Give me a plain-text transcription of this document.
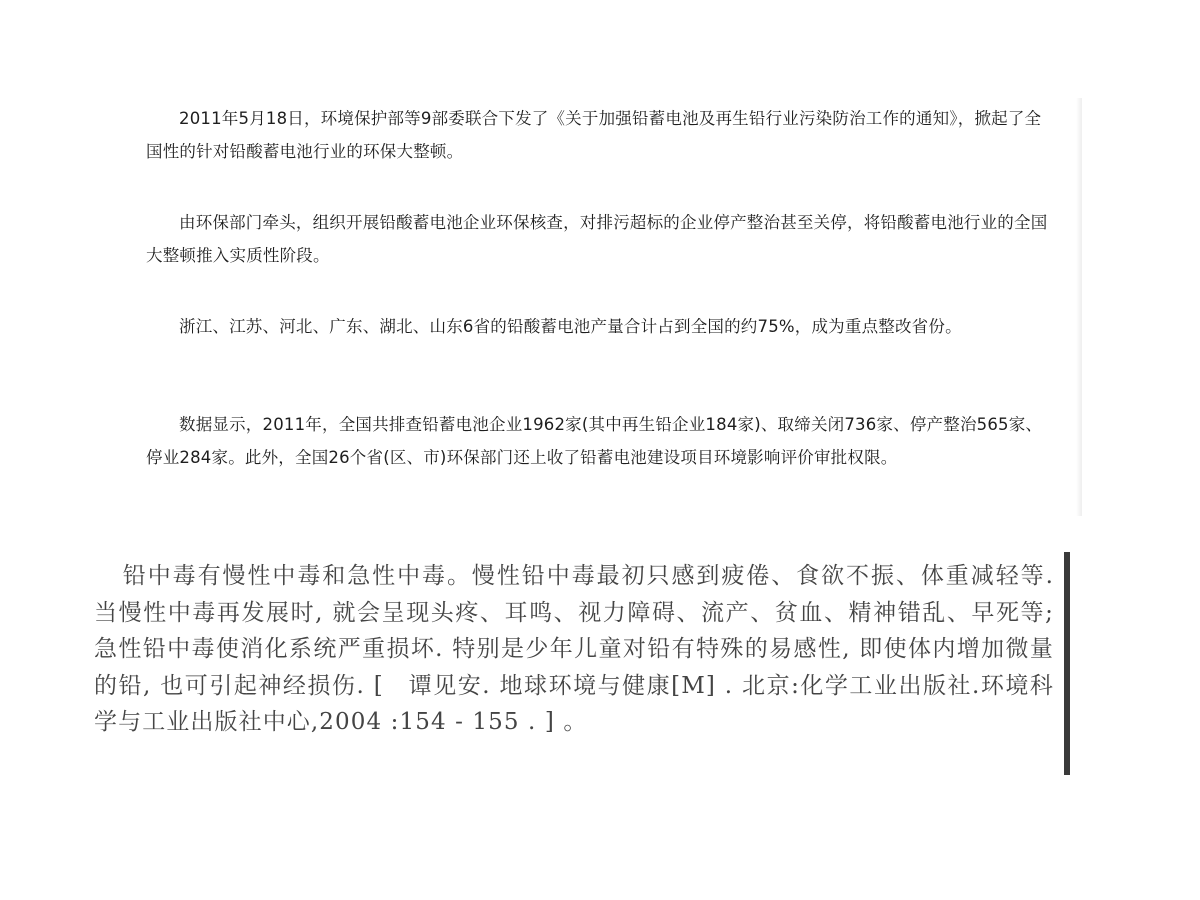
2011年5月18日，环境保护部等9部委联合下发了《关于加强铅蓄电池及再生铅行业污染防治工作的通知》，掀起了全国性的针对铅酸蓄电池行业的环保大整顿。

由环保部门牵头，组织开展铅酸蓄电池企业环保核查，对排污超标的企业停产整治甚至关停，将铅酸蓄电池行业的全国大整顿推入实质性阶段。

浙江、江苏、河北、广东、湖北、山东6省的铅酸蓄电池产量合计占到全国的约75%，成为重点整改省份。

数据显示，2011年，全国共排查铅蓄电池企业1962家(其中再生铅企业184家)、取缔关闭736家、停产整治565家、停业284家。此外，全国26个省(区、市)环保部门还上收了铅蓄电池建设项目环境影响评价审批权限。

铅中毒有慢性中毒和急性中毒。慢性铅中毒最初只感到疲倦、食欲不振、体重减轻等. 当慢性中毒再发展时, 就会呈现头疼、耳鸣、视力障碍、流产、贫血、精神错乱、早死等; 急性铅中毒使消化系统严重损坏. 特别是少年儿童对铅有特殊的易感性, 即使体内增加微量的铅, 也可引起神经损伤. [　谭见安. 地球环境与健康[M] . 北京:化学工业出版社.环境科学与工业出版社中心,2004 :154 - 155 . ] 。
